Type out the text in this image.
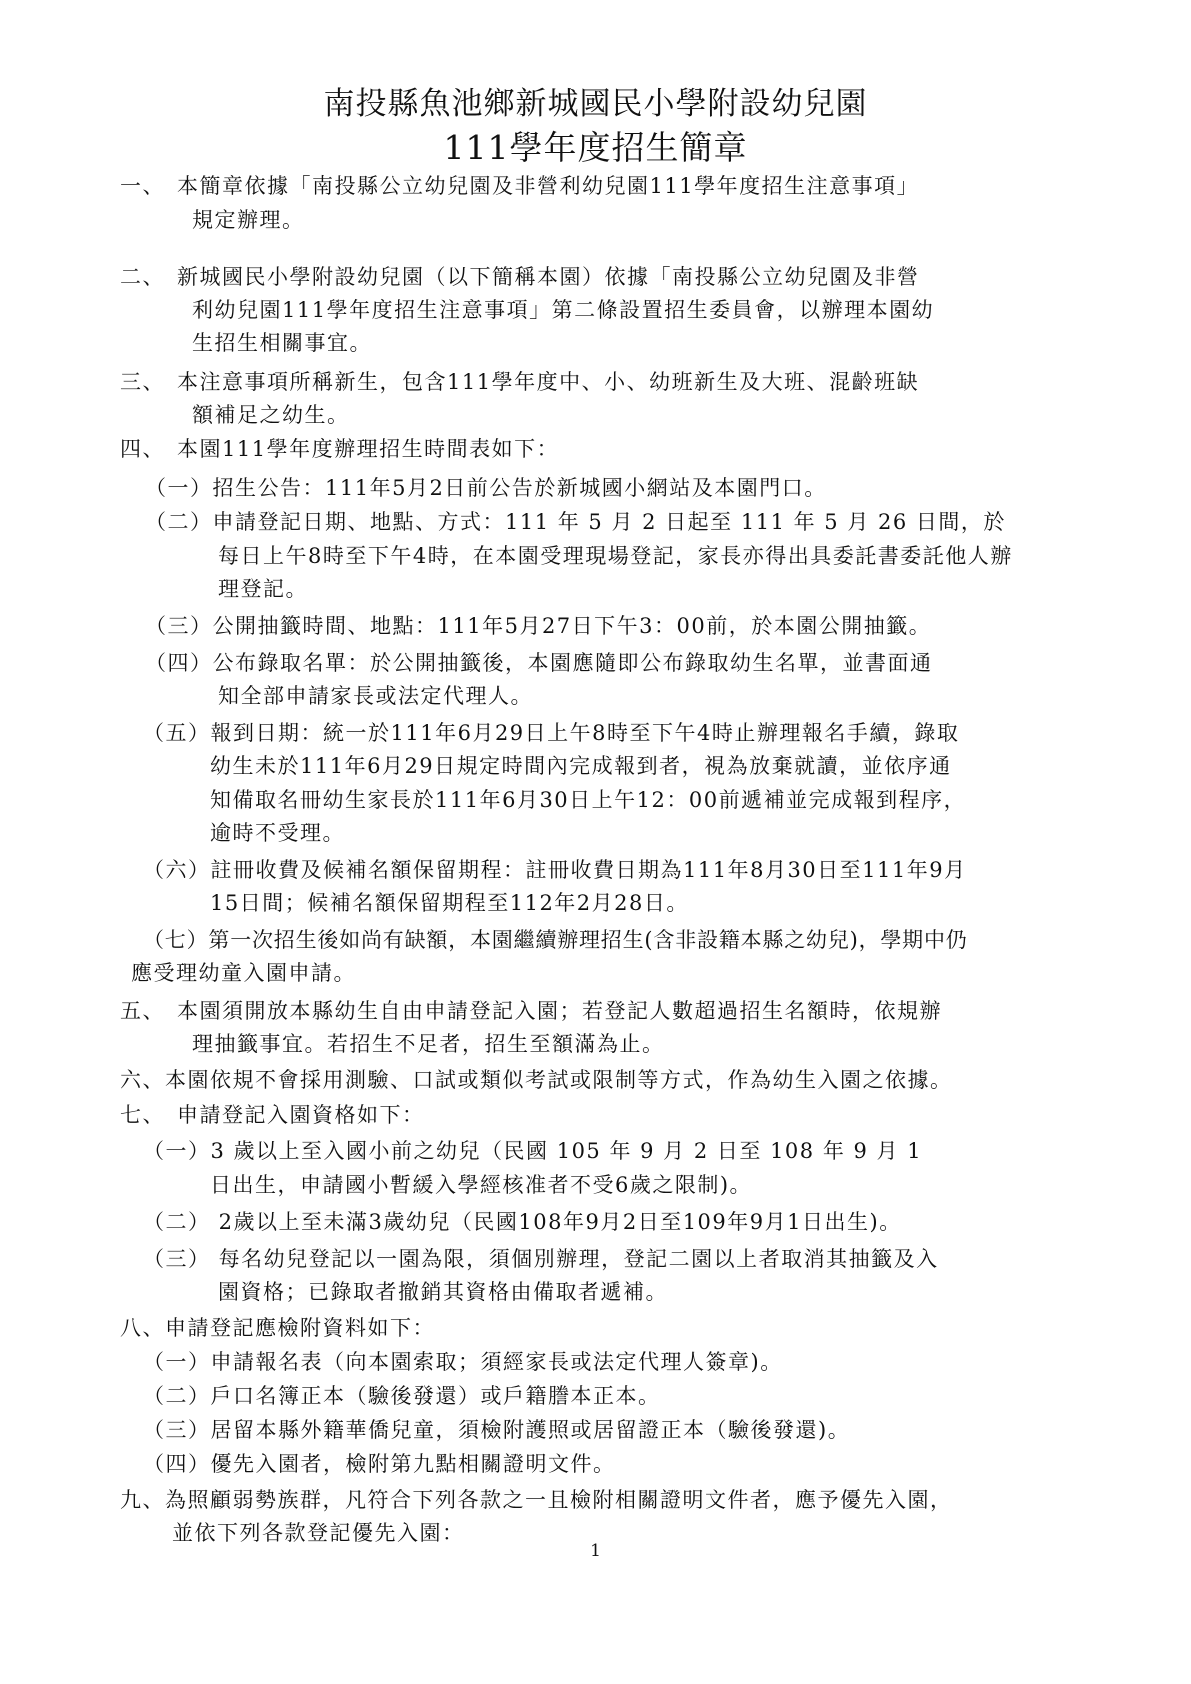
南投縣魚池鄉新城國民小學附設幼兒園
111學年度招生簡章
一、　本簡章依據「南投縣公立幼兒園及非營利幼兒園111學年度招生注意事項」
規定辦理。
二、　新城國民小學附設幼兒園（以下簡稱本園）依據「南投縣公立幼兒園及非營
利幼兒園111學年度招生注意事項」第二條設置招生委員會，以辦理本園幼
生招生相關事宜。
三、　本注意事項所稱新生，包含111學年度中、小、幼班新生及大班、混齡班缺
額補足之幼生。
四、　本園111學年度辦理招生時間表如下：
（一）招生公告：111年5月2日前公告於新城國小網站及本園門口。
（二）申請登記日期、地點、方式：111 年 5 月 2 日起至 111 年 5 月 26 日間，於
每日上午8時至下午4時，在本園受理現場登記，家長亦得出具委託書委託他人辦
理登記。
（三）公開抽籤時間、地點：111年5月27日下午3：00前，於本園公開抽籤。
（四）公布錄取名單：於公開抽籤後，本園應隨即公布錄取幼生名單，並書面通
知全部申請家長或法定代理人。
（五）報到日期：統一於111年6月29日上午8時至下午4時止辦理報名手續，錄取
幼生未於111年6月29日規定時間內完成報到者，視為放棄就讀，並依序通
知備取名冊幼生家長於111年6月30日上午12：00前遞補並完成報到程序，
逾時不受理。
（六）註冊收費及候補名額保留期程：註冊收費日期為111年8月30日至111年9月
15日間；候補名額保留期程至112年2月28日。
（七）第一次招生後如尚有缺額，本園繼續辦理招生(含非設籍本縣之幼兒)，學期中仍
應受理幼童入園申請。
五、　本園須開放本縣幼生自由申請登記入園；若登記人數超過招生名額時，依規辦
理抽籤事宜。若招生不足者，招生至額滿為止。
六、本園依規不會採用測驗、口試或類似考試或限制等方式，作為幼生入園之依據。
七、　申請登記入園資格如下：
（一）3 歲以上至入國小前之幼兒（民國 105 年 9 月 2 日至 108 年 9 月 1
日出生，申請國小暫緩入學經核准者不受6歲之限制)。
（二） 2歲以上至未滿3歲幼兒（民國108年9月2日至109年9月1日出生)。
（三） 每名幼兒登記以一園為限，須個別辦理，登記二園以上者取消其抽籤及入
園資格；已錄取者撤銷其資格由備取者遞補。
八、申請登記應檢附資料如下：
（一）申請報名表（向本園索取；須經家長或法定代理人簽章)。
（二）戶口名簿正本（驗後發還）或戶籍謄本正本。
（三）居留本縣外籍華僑兒童，須檢附護照或居留證正本（驗後發還)。
（四）優先入園者，檢附第九點相關證明文件。
九、為照顧弱勢族群，凡符合下列各款之一且檢附相關證明文件者，應予優先入園，
並依下列各款登記優先入園：
1
